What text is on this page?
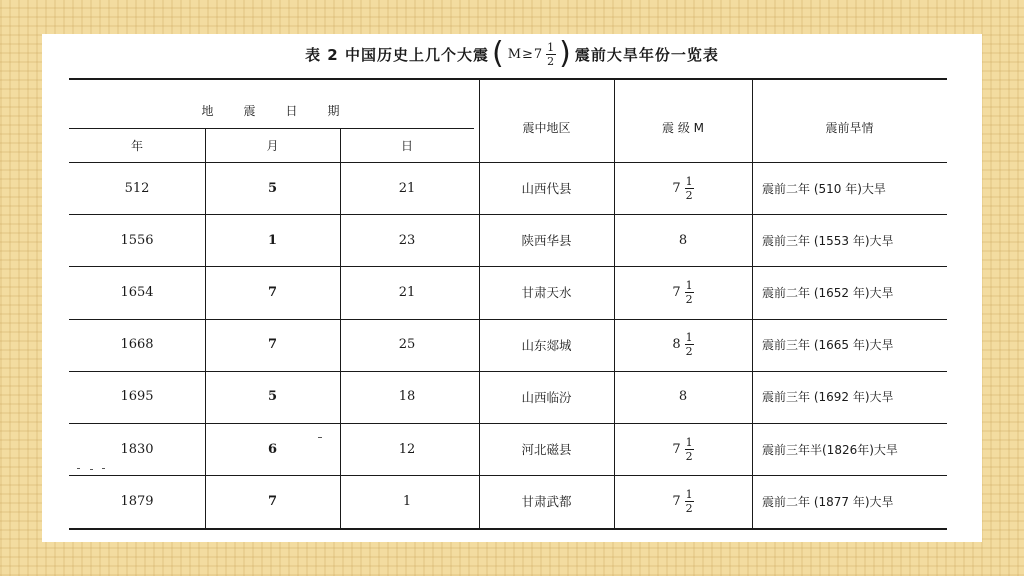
表 2 中国历史上几个大震 ( $M\ge 7 \frac{1}{2}$ ) 震前大旱年份一览表
地　　震　　日　　期
年	月	日
震中地区	震 级 M	震前旱情
512	5	21	山西代县	$7 \frac{1}{2}$	震前二年 (510 年)大旱
1556	1	23	陕西华县	8	震前三年 (1553 年)大旱
1654	7	21	甘肃天水	$7 \frac{1}{2}$	震前二年 (1652 年)大旱
1668	7	25	山东郯城	$8 \frac{1}{2}$	震前三年 (1665 年)大旱
1695	5	18	山西临汾	8	震前三年 (1692 年)大旱
1830	6	12	河北磁县	$7 \frac{1}{2}$	震前三年半(1826年)大旱
1879	7	1	甘肃武都	$7 \frac{1}{2}$	震前二年 (1877 年)大旱
